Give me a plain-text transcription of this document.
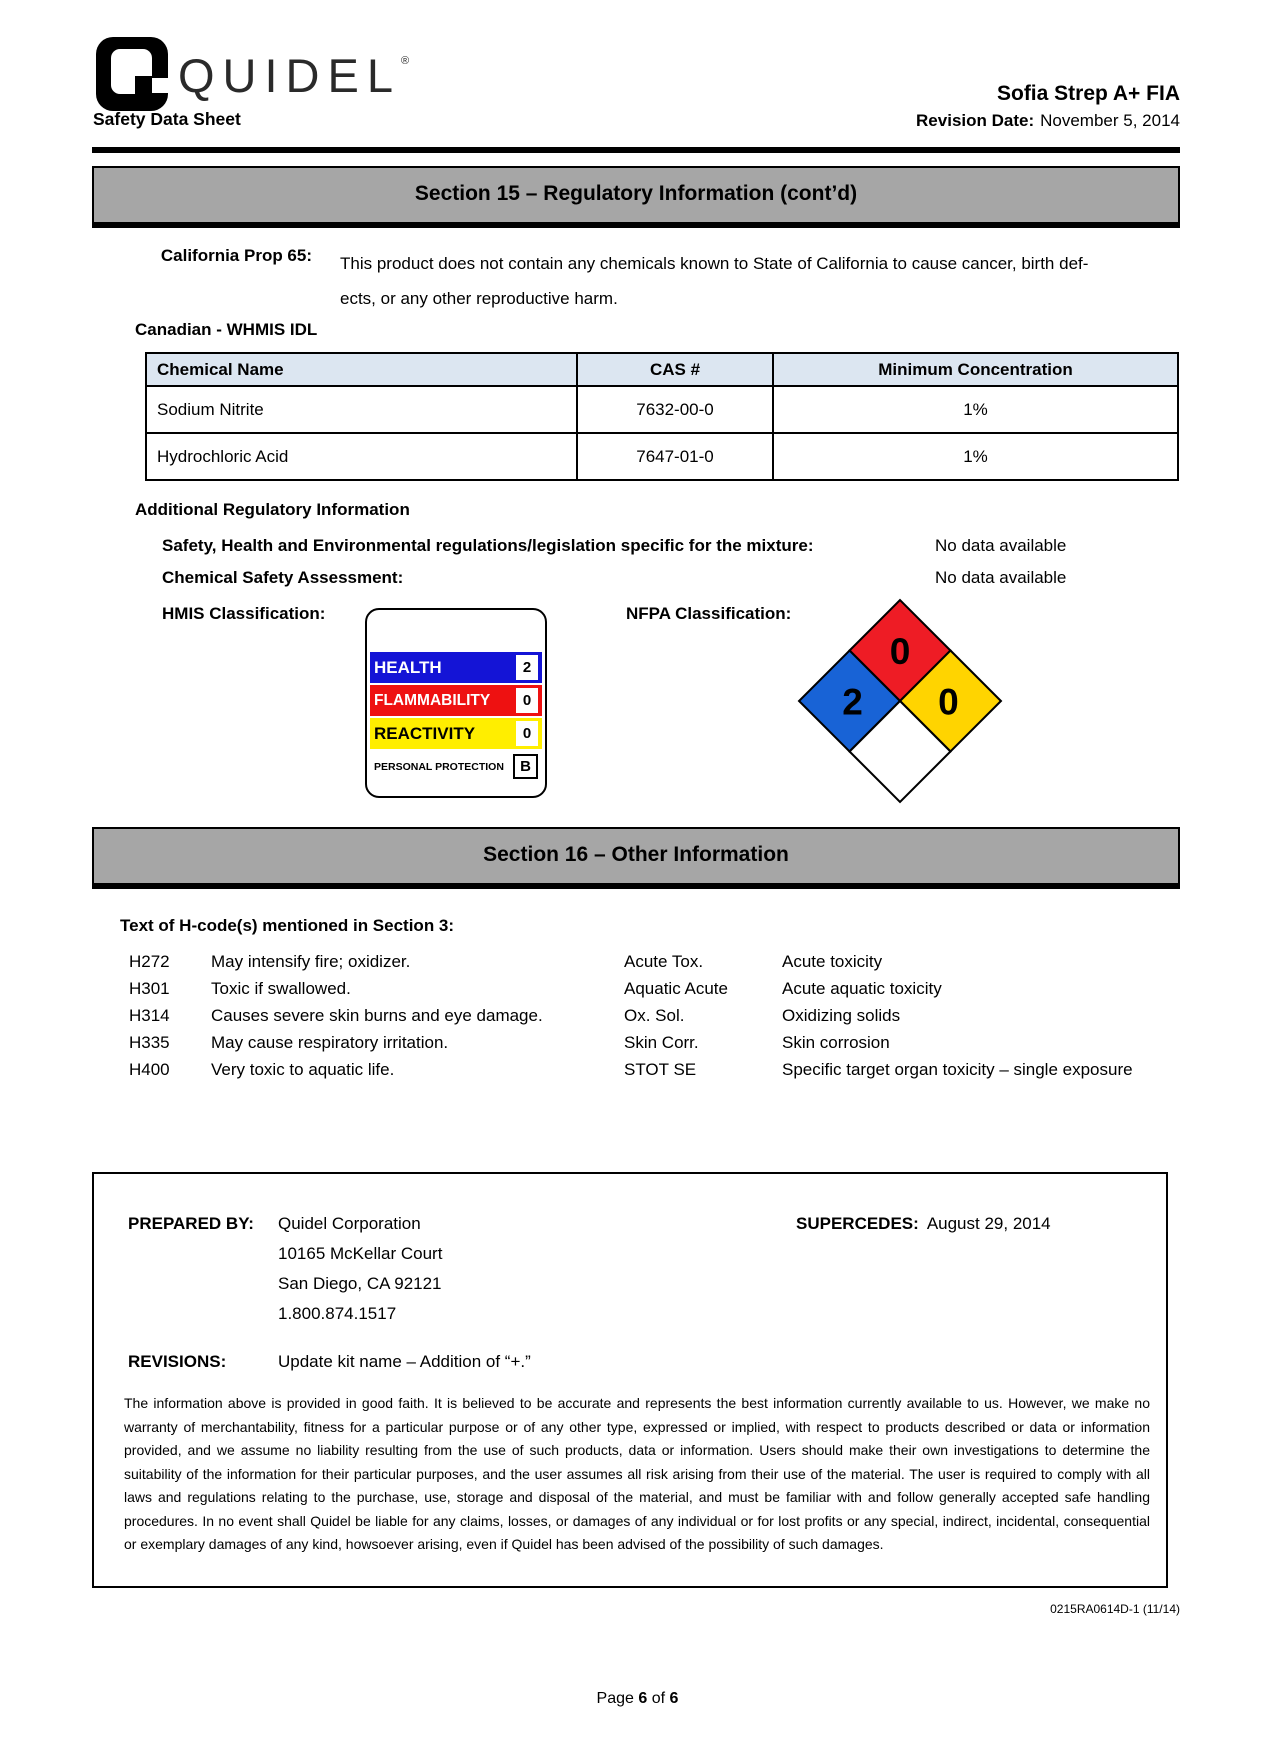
QUIDEL®
Safety Data Sheet
Sofia Strep A+ FIA
Revision Date: November 5, 2014
Section 15 – Regulatory Information (cont’d)
California Prop 65: This product does not contain any chemicals known to State of California to cause cancer, birth def-ects, or any other reproductive harm.
Canadian - WHMIS IDL
Chemical Name	CAS #	Minimum Concentration
Sodium Nitrite	7632-00-0	1%
Hydrochloric Acid	7647-01-0	1%
Additional Regulatory Information
Safety, Health and Environmental regulations/legislation specific for the mixture:	No data available
Chemical Safety Assessment:	No data available
HMIS Classification:	NFPA Classification:
HEALTH	2
FLAMMABILITY	0
REACTIVITY	0
PERSONAL PROTECTION	B
0
2 0
Section 16 – Other Information
Text of H-code(s) mentioned in Section 3:
H272 May intensify fire; oxidizer.	Acute Tox.	Acute toxicity
H301 Toxic if swallowed.	Aquatic Acute	Acute aquatic toxicity
H314 Causes severe skin burns and eye damage.	Ox. Sol.	Oxidizing solids
H335 May cause respiratory irritation.	Skin Corr.	Skin corrosion
H400 Very toxic to aquatic life.	STOT SE	Specific target organ toxicity – single exposure
PREPARED BY: Quidel Corporation
10165 McKellar Court
San Diego, CA 92121
1.800.874.1517
SUPERCEDES: August 29, 2014
REVISIONS:	Update kit name – Addition of “+.”
The information above is provided in good faith. It is believed to be accurate and represents the best information currently available to us. However, we make no warranty of merchantability, fitness for a particular purpose or of any other type, expressed or implied, with respect to products described or data or information provided, and we assume no liability resulting from the use of such products, data or information. Users should make their own investigations to determine the suitability of the information for their particular purposes, and the user assumes all risk arising from their use of the material. The user is required to comply with all laws and regulations relating to the purchase, use, storage and disposal of the material, and must be familiar with and follow generally accepted safe handling procedures. In no event shall Quidel be liable for any claims, losses, or damages of any individual or for lost profits or any special, indirect, incidental, consequential or exemplary damages of any kind, howsoever arising, even if Quidel has been advised of the possibility of such damages.
0215RA0614D-1 (11/14)
Page 6 of 6
